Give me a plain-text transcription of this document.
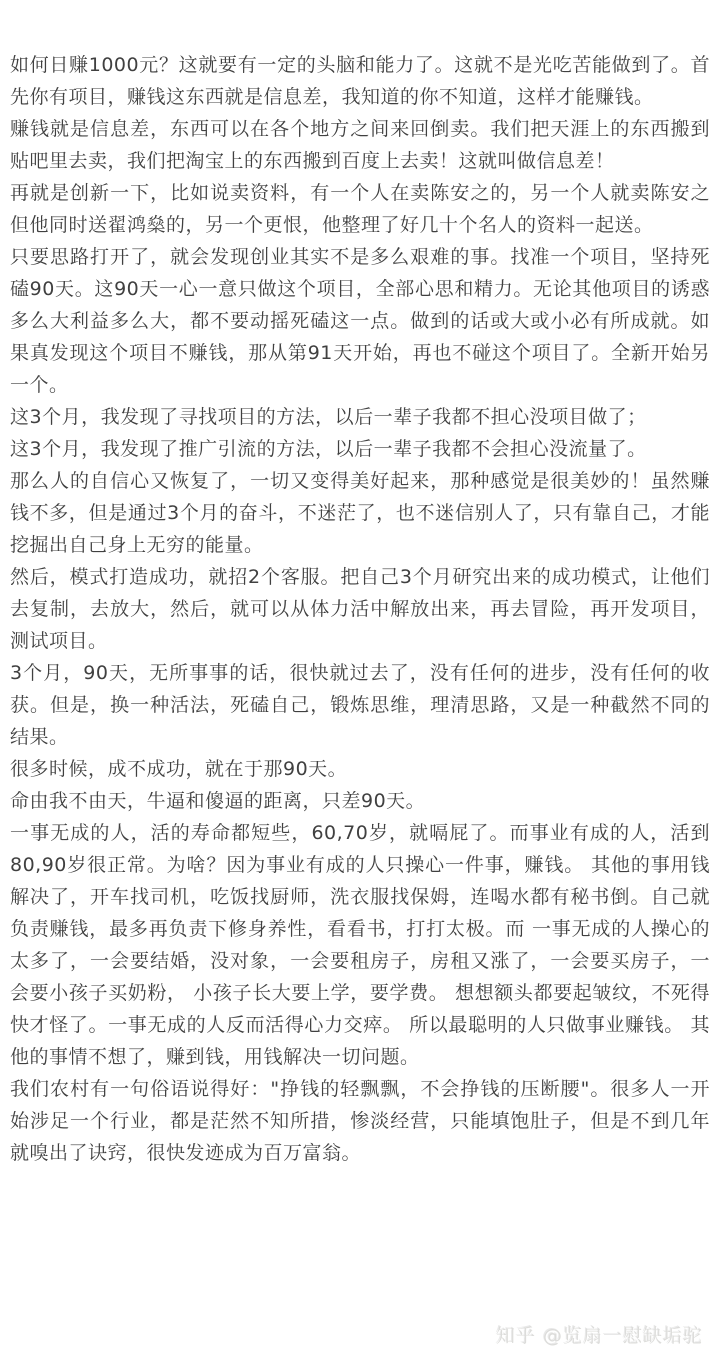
如何日赚1000元？这就要有一定的头脑和能力了。这就不是光吃苦能做到了。首先你有项目，赚钱这东西就是信息差，我知道的你不知道，这样才能赚钱。

赚钱就是信息差，东西可以在各个地方之间来回倒卖。我们把天涯上的东西搬到贴吧里去卖，我们把淘宝上的东西搬到百度上去卖！这就叫做信息差！

再就是创新一下，比如说卖资料，有一个人在卖陈安之的，另一个人就卖陈安之但他同时送翟鸿燊的，另一个更恨，他整理了好几十个名人的资料一起送。

只要思路打开了，就会发现创业其实不是多么艰难的事。找准一个项目，坚持死磕90天。这90天一心一意只做这个项目，全部心思和精力。无论其他项目的诱惑多么大利益多么大，都不要动摇死磕这一点。做到的话或大或小必有所成就。如果真发现这个项目不赚钱，那从第91天开始，再也不碰这个项目了。全新开始另一个。

这3个月，我发现了寻找项目的方法，以后一辈子我都不担心没项目做了；

这3个月，我发现了推广引流的方法，以后一辈子我都不会担心没流量了。

那么人的自信心又恢复了，一切又变得美好起来，那种感觉是很美妙的！虽然赚钱不多，但是通过3个月的奋斗，不迷茫了，也不迷信别人了，只有靠自己，才能挖掘出自己身上无穷的能量。

然后，模式打造成功，就招2个客服。把自己3个月研究出来的成功模式，让他们去复制，去放大，然后，就可以从体力活中解放出来，再去冒险，再开发项目，测试项目。

3个月，90天，无所事事的话，很快就过去了，没有任何的进步，没有任何的收获。但是，换一种活法，死磕自己，锻炼思维，理清思路，又是一种截然不同的结果。

很多时候，成不成功，就在于那90天。

命由我不由天，牛逼和傻逼的距离，只差90天。

一事无成的人，活的寿命都短些，60,70岁，就嗝屁了。而事业有成的人，活到80,90岁很正常。为啥？因为事业有成的人只操心一件事，赚钱。 其他的事用钱解决了，开车找司机，吃饭找厨师，洗衣服找保姆，连喝水都有秘书倒。自己就负责赚钱，最多再负责下修身养性，看看书，打打太极。而 一事无成的人操心的太多了，一会要结婚，没对象，一会要租房子，房租又涨了，一会要买房子，一会要小孩子买奶粉， 小孩子长大要上学，要学费。 想想额头都要起皱纹，不死得快才怪了。一事无成的人反而活得心力交瘁。 所以最聪明的人只做事业赚钱。 其他的事情不想了，赚到钱，用钱解决一切问题。

我们农村有一句俗语说得好："挣钱的轻飘飘，不会挣钱的压断腰"。很多人一开始涉足一个行业，都是茫然不知所措，惨淡经营，只能填饱肚子，但是不到几年就嗅出了诀窍，很快发迹成为百万富翁。

知乎 @览扇一慰缺垢驼
